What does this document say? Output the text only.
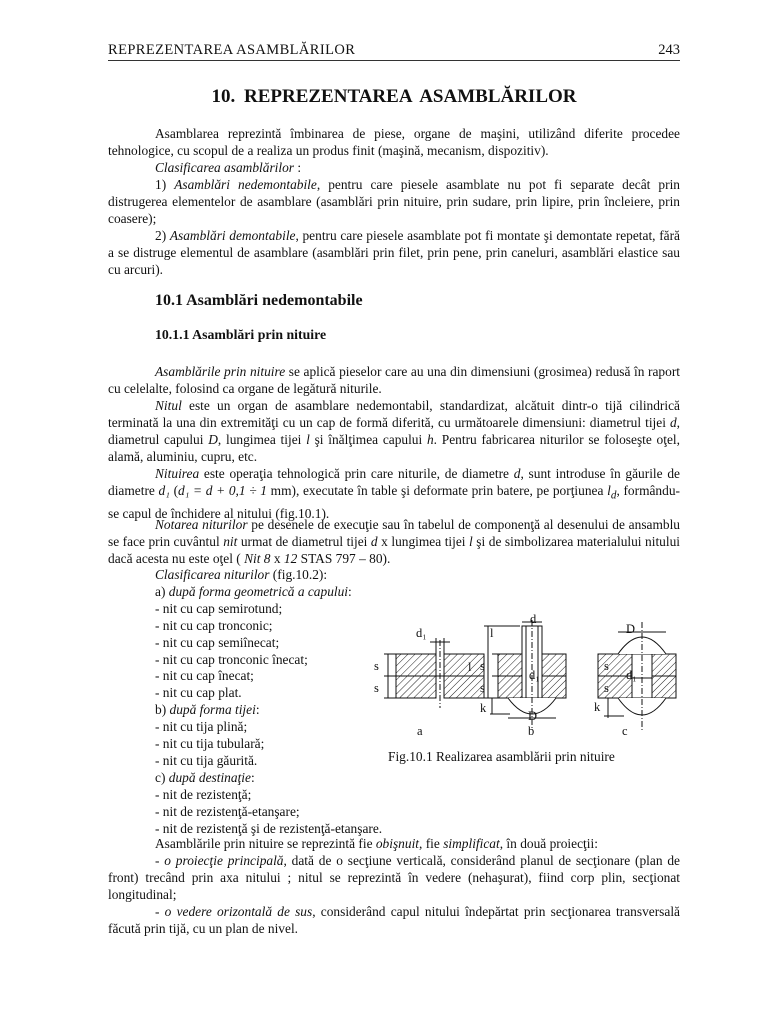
REPREZENTAREA ASAMBLĂRILOR	243
10. REPREZENTAREA ASAMBLĂRILOR
Asamblarea reprezintă îmbinarea de piese, organe de maşini, utilizând diferite procedee tehnologice, cu scopul de a realiza un produs finit (maşină, mecanism, dispozitiv).
Clasificarea asamblărilor :
1) Asamblări nedemontabile, pentru care piesele asamblate nu pot fi separate decât prin distrugerea elementelor de asamblare (asamblări prin nituire, prin sudare, prin lipire, prin încleiere, prin coasere);
2) Asamblări demontabile, pentru care piesele asamblate pot fi montate şi demontate repetat, fără a se distruge elementul de asamblare (asamblări prin filet, prin pene, prin caneluri, asamblări elastice sau cu arcuri).
10.1 Asamblări nedemontabile
10.1.1 Asamblări prin nituire
Asamblările prin nituire se aplică pieselor care au una din dimensiuni (grosimea) redusă în raport cu celelalte, folosind ca organe de legătură niturile.
Nitul este un organ de asamblare nedemontabil, standardizat, alcătuit dintr-o tijă cilindrică terminată la una din extremităţi cu un cap de formă diferită, cu următoarele dimensiuni: diametrul tijei d, diametrul capului D, lungimea tijei l şi înălţimea capului h. Pentru fabricarea niturilor se foloseşte oţel, alamă, aluminiu, cupru, etc.
Nituirea este operaţia tehnologică prin care niturile, de diametre d, sunt introduse în găurile de diametre d₁ (d₁ = d + 0,1 ÷ 1 mm), executate în table şi deformate prin batere, pe porţiunea $l_d$, formându-se capul de închidere al nitului (fig.10.1).
Notarea niturilor pe desenele de execuţie sau în tabelul de componenţă al desenului de ansamblu se face prin cuvântul nit urmat de diametrul tijei d x lungimea tijei l şi de simbolizarea materialului nitului dacă acesta nu este oţel ( Nit 8 x 12 STAS 797 – 80).
Clasificarea niturilor (fig.10.2):
a) după forma geometrică a capului:
- nit cu cap semirotund;
- nit cu cap tronconic;
- nit cu cap semiînecat;
- nit cu cap tronconic înecat;
- nit cu cap înecat;
- nit cu cap plat.
b) după forma tijei:
- nit cu tija plină;
- nit cu tija tubulară;
- nit cu tija găurită.
c) după destinaţie:
- nit de rezistenţă;
- nit de rezistenţă-etanşare;
- nit de rezistenţă şi de rezistenţă-etanşare.
d₁
s
s
d
l
l s
s
k
d₁
D
D
d₁
s
s
k
a	b	c
Fig.10.1 Realizarea asamblării prin nituire
Asamblările prin nituire se reprezintă fie obişnuit, fie simplificat, în două proiecţii:
- o proiecţie principală, dată de o secţiune verticală, considerând planul de secţionare (plan de front) trecând prin axa nitului ; nitul se reprezintă în vedere (nehaşurat), fiind corp plin, secţionat longitudinal;
- o vedere orizontală de sus, considerând capul nitului îndepărtat prin secţionarea transversală făcută prin tijă, cu un plan de nivel.
